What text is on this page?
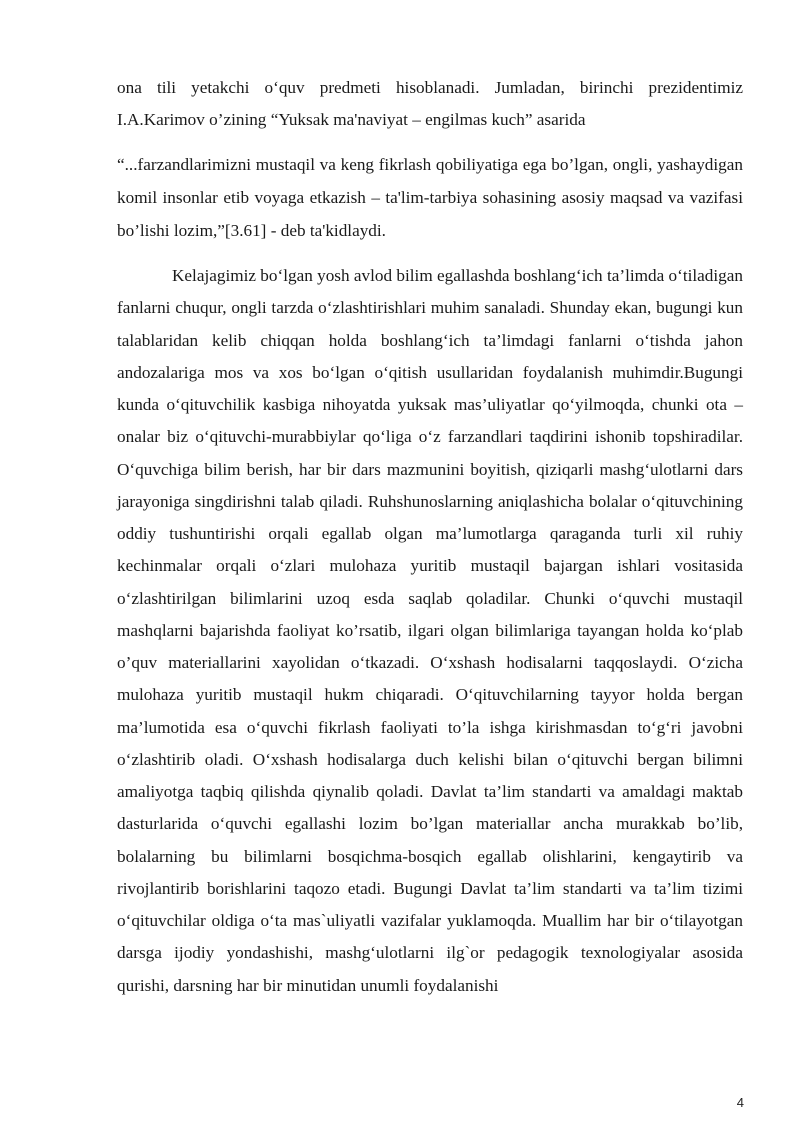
ona tili yetakchi o‘quv predmeti hisoblanadi. Jumladan, birinchi prezidentimiz I.A.Karimov o’zining “Yuksak ma'naviyat – engilmas kuch” asarida

“...farzandlarimizni mustaqil va keng fikrlash qobiliyatiga ega bo’lgan, ongli, yashaydigan komil insonlar etib voyaga etkazish – ta'lim-tarbiya sohasining asosiy maqsad va vazifasi bo’lishi lozim,”[3.61] - deb ta'kidlaydi.

Kelajagimiz bo‘lgan yosh avlod bilim egallashda boshlang‘ich ta’limda o‘tiladigan fanlarni chuqur, ongli tarzda o‘zlashtirishlari muhim sanaladi. Shunday ekan, bugungi kun talablaridan kelib chiqqan holda boshlang‘ich ta’limdagi fanlarni o‘tishda jahon andozalariga mos va xos bo‘lgan o‘qitish usullaridan foydalanish muhimdir.Bugungi kunda o‘qituvchilik kasbiga nihoyatda yuksak mas’uliyatlar qo‘yilmoqda, chunki ota – onalar biz o‘qituvchi-murabbiylar qo‘liga o‘z farzandlari taqdirini ishonib topshiradilar. O‘quvchiga bilim berish, har bir dars mazmunini boyitish, qiziqarli mashg‘ulotlarni dars jarayoniga singdirishni talab qiladi. Ruhshunoslarning aniqlashicha bolalar o‘qituvchining oddiy tushuntirishi orqali egallab olgan ma’lumotlarga qaraganda turli xil ruhiy kechinmalar orqali o‘zlari mulohaza yuritib mustaqil bajargan ishlari vositasida o‘zlashtirilgan bilimlarini uzoq esda saqlab qoladilar. Chunki o‘quvchi mustaqil mashqlarni bajarishda faoliyat ko’rsatib, ilgari olgan bilimlariga tayangan holda ko‘plab o’quv materiallarini xayolidan o‘tkazadi. O‘xshash hodisalarni taqqoslaydi. O‘zicha mulohaza yuritib mustaqil hukm chiqaradi. O‘qituvchilarning tayyor holda bergan ma’lumotida esa o‘quvchi fikrlash faoliyati to’la ishga kirishmasdan to‘g‘ri javobni o‘zlashtirib oladi. O‘xshash hodisalarga duch kelishi bilan o‘qituvchi bergan bilimni amaliyotga taqbiq qilishda qiynalib qoladi. Davlat ta’lim standarti va amaldagi maktab dasturlarida o‘quvchi egallashi lozim bo’lgan materiallar ancha murakkab bo’lib, bolalarning bu bilimlarni bosqichma-bosqich egallab olishlarini, kengaytirib va rivojlantirib borishlarini taqozo etadi. Bugungi Davlat ta’lim standarti va ta’lim tizimi o‘qituvchilar oldiga o‘ta mas`uliyatli vazifalar yuklamoqda. Muallim har bir o‘tilayotgan darsga ijodiy yondashishi, mashg‘ulotlarni ilg`or pedagogik texnologiyalar asosida qurishi, darsning har bir minutidan unumli foydalanishi

4
